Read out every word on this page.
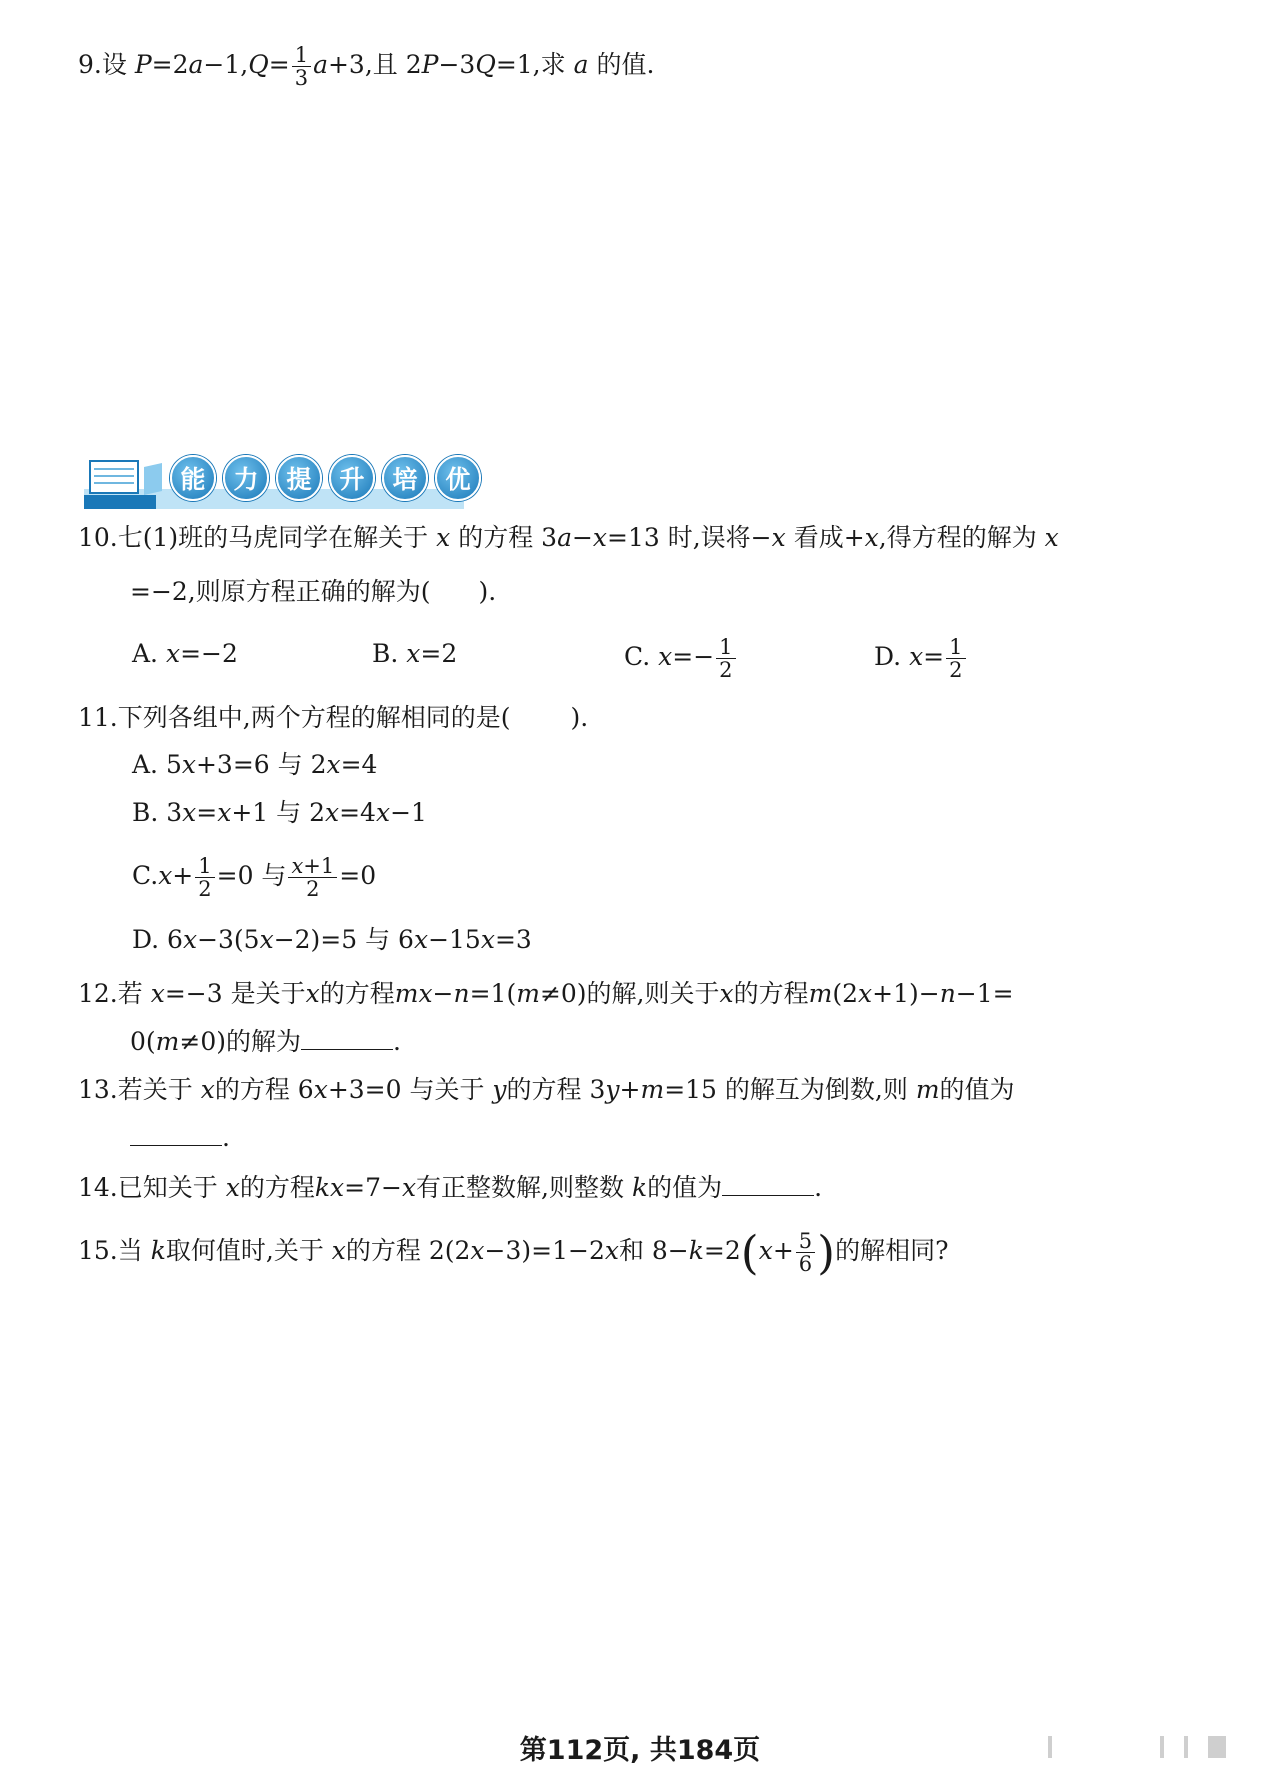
9.设 $P=2a-1,Q= \frac{1}{3} a+3$,且 2P−3Q=1,求 a 的值.
能	力	提	升	培	优
10.七(1)班的马虎同学在解关于 x 的方程 3a−x=13 时,误将−x 看成+x,得方程的解为 x
=−2,则原方程正确的解为( ).
A. x=−2	B. x=2	C. $x=- \frac{1}{2}$	D. $x= \frac{1}{2}$
11.下列各组中,两个方程的解相同的是( ).
A. 5x+3=6 与 2x=4
B. 3x=x+1 与 2x=4x−1
$C.x+ \frac{1}{2} =0$ 与 $\frac{x+1}{2} =0$
D. 6x−3(5x−2)=5 与 6x−15x=3
12.若 x=−3 是关于x的方程mx−n=1(m≠0)的解,则关于x的方程m(2x+1)−n−1=
0(m≠0)的解为	.
13.若关于 x的方程 6x+3=0 与关于 y的方程 3y+m=15 的解互为倒数,则 m的值为
.
14.已知关于 x的方程kx=7−x有正整数解,则整数 k的值为	.
15.当 k取何值时,关于 x的方程 2(2x−3)=1−2x和 $8-k=2(x+ \frac{5}{6}$ )的解相同?
第112页, 共184页
